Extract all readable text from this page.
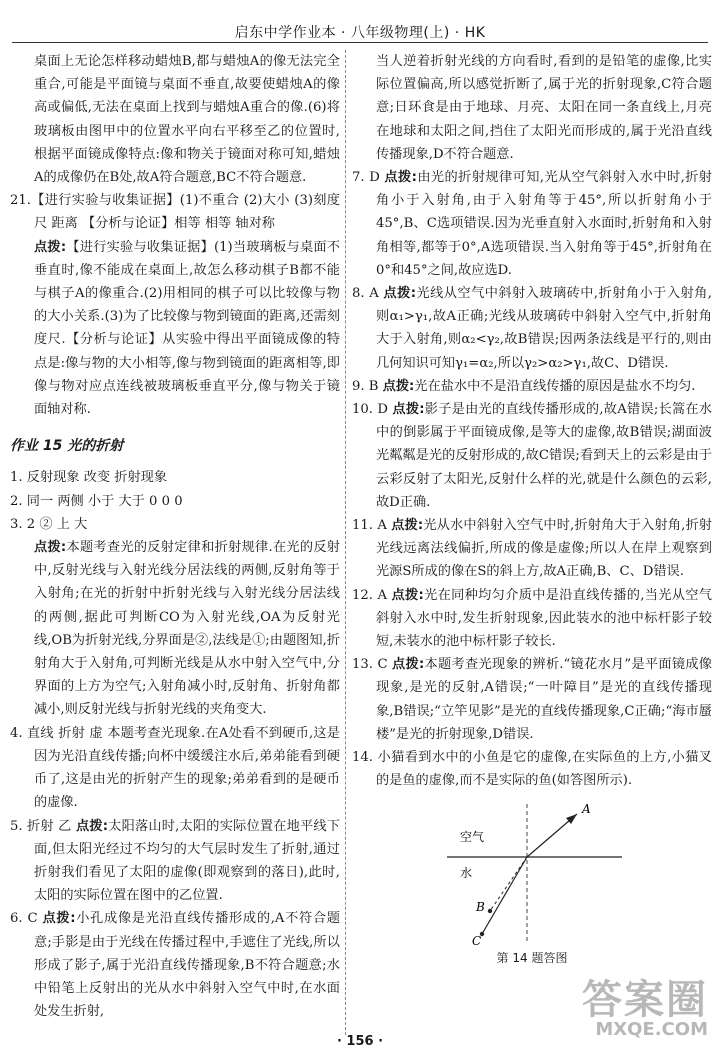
启东中学作业本 · 八年级物理(上) · HK

桌面上无论怎样移动蜡烛B,都与蜡烛A的像无法完全重合,可能是平面镜与桌面不垂直,故要使蜡烛A的像高或偏低,无法在桌面上找到与蜡烛A重合的像.(6)将玻璃板由图甲中的位置水平向右平移至乙的位置时,根据平面镜成像特点:像和物关于镜面对称可知,蜡烛A的成像仍在B处,故A符合题意,BC不符合题意.

21.【进行实验与收集证据】(1)不重合 (2)大小 (3)刻度尺 距离 【分析与论证】相等 相等 轴对称

点拨:【进行实验与收集证据】(1)当玻璃板与桌面不垂直时,像不能成在桌面上,故怎么移动棋子B都不能与棋子A的像重合.(2)用相同的棋子可以比较像与物的大小关系.(3)为了比较像与物到镜面的距离,还需刻度尺.【分析与论证】从实验中得出平面镜成像的特点是:像与物的大小相等,像与物到镜面的距离相等,即像与物对应点连线被玻璃板垂直平分,像与物关于镜面轴对称.

作业 15 光的折射

1. 反射现象 改变 折射现象

2. 同一 两侧 小于 大于 0 0 0

3. 2 ② 上 大

点拨:本题考查光的反射定律和折射规律.在光的反射中,反射光线与入射光线分居法线的两侧,反射角等于入射角;在光的折射中折射光线与入射光线分居法线的两侧,据此可判断CO为入射光线,OA为反射光线,OB为折射光线,分界面是②,法线是①;由题图知,折射角大于入射角,可判断光线是从水中射入空气中,分界面的上方为空气;入射角减小时,反射角、折射角都减小,则反射光线与折射光线的夹角变大.

4. 直线 折射 虚 本题考查光现象.在A处看不到硬币,这是因为光沿直线传播;向杯中缓缓注水后,弟弟能看到硬币了,这是由光的折射产生的现象;弟弟看到的是硬币的虚像.

5. 折射 乙 点拨:太阳落山时,太阳的实际位置在地平线下面,但太阳光经过不均匀的大气层时发生了折射,通过折射我们看见了太阳的虚像(即观察到的落日),此时,太阳的实际位置在图中的乙位置.

6. C 点拨:小孔成像是光沿直线传播形成的,A不符合题意;手影是由于光线在传播过程中,手遮住了光线,所以形成了影子,属于光沿直线传播现象,B不符合题意;水中铅笔上反射出的光从水中斜射入空气中时,在水面处发生折射,

当人逆着折射光线的方向看时,看到的是铅笔的虚像,比实际位置偏高,所以感觉折断了,属于光的折射现象,C符合题意;日环食是由于地球、月亮、太阳在同一条直线上,月亮在地球和太阳之间,挡住了太阳光而形成的,属于光沿直线传播现象,D不符合题意.

7. D 点拨:由光的折射规律可知,光从空气斜射入水中时,折射角小于入射角,由于入射角等于45°,所以折射角小于45°,B、C选项错误.因为光垂直射入水面时,折射角和入射角相等,都等于0°,A选项错误.当入射角等于45°,折射角在0°和45°之间,故应选D.

8. A 点拨:光线从空气中斜射入玻璃砖中,折射角小于入射角,则α₁>γ₁,故A正确;光线从玻璃砖中斜射入空气中,折射角大于入射角,则α₂<γ₂,故B错误;因两条法线是平行的,则由几何知识可知γ₁=α₂,所以γ₂>α₂>γ₁,故C、D错误.

9. B 点拨:光在盐水中不是沿直线传播的原因是盐水不均匀.

10. D 点拨:影子是由光的直线传播形成的,故A错误;长篙在水中的倒影属于平面镜成像,是等大的虚像,故B错误;湖面波光粼粼是光的反射形成的,故C错误;看到天上的云彩是由于云彩反射了太阳光,反射什么样的光,就是什么颜色的云彩,故D正确.

11. A 点拨:光从水中斜射入空气中时,折射角大于入射角,折射光线远离法线偏折,所成的像是虚像;所以人在岸上观察到光源S所成的像在S的斜上方,故A正确,B、C、D错误.

12. A 点拨:光在同种均匀介质中是沿直线传播的,当光从空气斜射入水中时,发生折射现象,因此装水的池中标杆影子较短,未装水的池中标杆影子较长.

13. C 点拨:本题考查光现象的辨析.“镜花水月”是平面镜成像现象,是光的反射,A错误;“一叶障目”是光的直线传播现象,B错误;“立竿见影”是光的直线传播现象,C正确;“海市蜃楼”是光的折射现象,D错误.

14. 小猫看到水中的小鱼是它的虚像,在实际鱼的上方,小猫叉的是鱼的虚像,而不是实际的鱼(如答图所示).

空气
水
A
B
C
第 14 题答图
答案圈
MXQE.COM
· 156 ·
